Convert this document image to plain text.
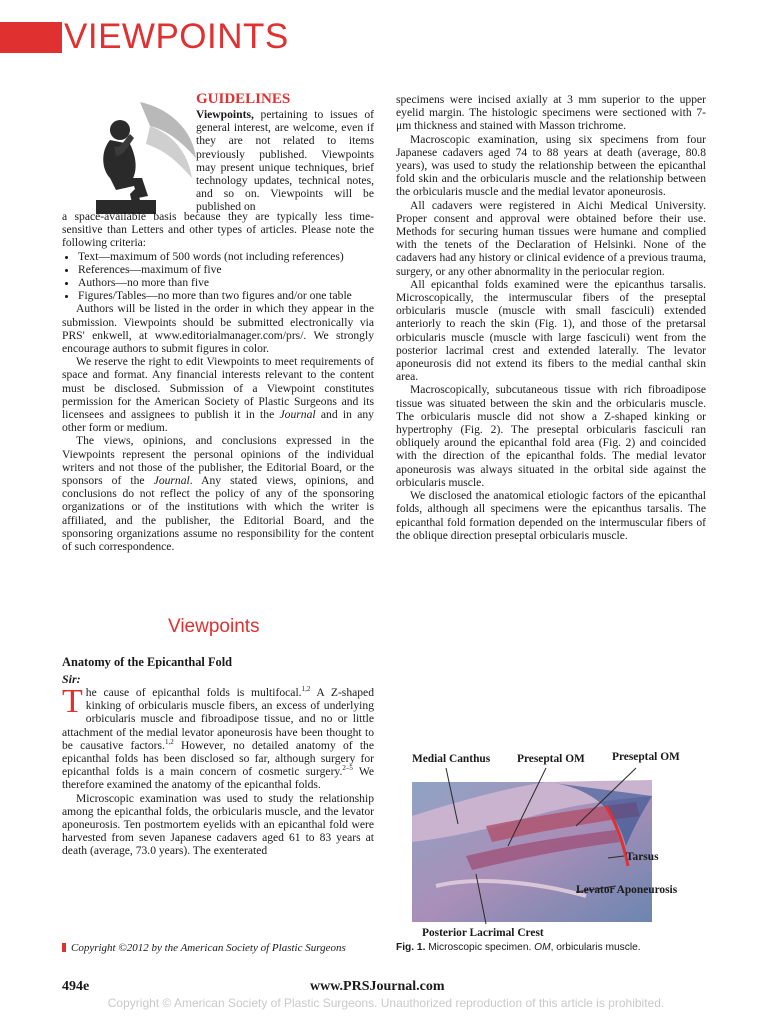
VIEWPOINTS
GUIDELINES

Viewpoints, pertaining to issues of general interest, are welcome, even if they are not related to items previously published. Viewpoints may present unique techniques, brief technology updates, technical notes, and so on. Viewpoints will be published on

a space-available basis because they are typically less time-sensitive than Letters and other types of articles. Please note the following criteria:

• Text—maximum of 500 words (not including references)
• References—maximum of five
• Authors—no more than five
• Figures/Tables—no more than two figures and/or one table

Authors will be listed in the order in which they appear in the submission. Viewpoints should be submitted electronically via PRS' enkwell, at www.editorialmanager.com/prs/. We strongly encourage authors to submit figures in color.

We reserve the right to edit Viewpoints to meet requirements of space and format. Any financial interests relevant to the content must be disclosed. Submission of a Viewpoint constitutes permission for the American Society of Plastic Surgeons and its licensees and assignees to publish it in the Journal and in any other form or medium.

The views, opinions, and conclusions expressed in the Viewpoints represent the personal opinions of the individual writers and not those of the publisher, the Editorial Board, or the sponsors of the Journal. Any stated views, opinions, and conclusions do not reflect the policy of any of the sponsoring organizations or of the institutions with which the writer is affiliated, and the publisher, the Editorial Board, and the sponsoring organizations assume no responsibility for the content of such correspondence.

Viewpoints
Anatomy of the Epicanthal Fold
Sir:

The cause of epicanthal folds is multifocal.$^{1,2}$ A Z-shaped kinking of orbicularis muscle fibers, an excess of underlying orbicularis muscle and fibroadipose tissue, and no or little attachment of the medial levator aponeurosis have been thought to be causative factors.$^{1,2}$ However, no detailed anatomy of the epicanthal folds has been disclosed so far, although surgery for epicanthal folds is a main concern of cosmetic surgery.$^{2-5}$ We therefore examined the anatomy of the epicanthal folds.

Microscopic examination was used to study the relationship among the epicanthal folds, the orbicularis muscle, and the levator aponeurosis. Ten postmortem eyelids with an epicanthal fold were harvested from seven Japanese cadavers aged 61 to 83 years at death (average, 73.0 years). The exenterated

specimens were incised axially at 3 mm superior to the upper eyelid margin. The histologic specimens were sectioned with 7-μm thickness and stained with Masson trichrome.

Macroscopic examination, using six specimens from four Japanese cadavers aged 74 to 88 years at death (average, 80.8 years), was used to study the relationship between the epicanthal fold skin and the orbicularis muscle and the relationship between the orbicularis muscle and the medial levator aponeurosis.

All cadavers were registered in Aichi Medical University. Proper consent and approval were obtained before their use. Methods for securing human tissues were humane and complied with the tenets of the Declaration of Helsinki. None of the cadavers had any history or clinical evidence of a previous trauma, surgery, or any other abnormality in the periocular region.

All epicanthal folds examined were the epicanthus tarsalis. Microscopically, the intermuscular fibers of the preseptal orbicularis muscle (muscle with small fasciculi) extended anteriorly to reach the skin (Fig. 1), and those of the pretarsal orbicularis muscle (muscle with large fasciculi) went from the posterior lacrimal crest and extended laterally. The levator aponeurosis did not extend its fibers to the medial canthal skin area.

Macroscopically, subcutaneous tissue with rich fibroadipose tissue was situated between the skin and the orbicularis muscle. The orbicularis muscle did not show a Z-shaped kinking or hypertrophy (Fig. 2). The preseptal orbicularis fasciculi ran obliquely around the epicanthal fold area (Fig. 2) and coincided with the direction of the epicanthal folds. The medial levator aponeurosis was always situated in the orbital side against the orbicularis muscle.

We disclosed the anatomical etiologic factors of the epicanthal folds, although all specimens were the epicanthus tarsalis. The epicanthal fold formation depended on the intermuscular fibers of the oblique direction preseptal orbicularis muscle.

Medial Canthus Preseptal OM Preseptal OM
Tarsus
Levator Aponeurosis
Posterior Lacrimal Crest
Fig. 1. Microscopic specimen. OM, orbicularis muscle.
Copyright ©2012 by the American Society of Plastic Surgeons
494e	www.PRSJournal.com
Copyright © American Society of Plastic Surgeons. Unauthorized reproduction of this article is prohibited.
